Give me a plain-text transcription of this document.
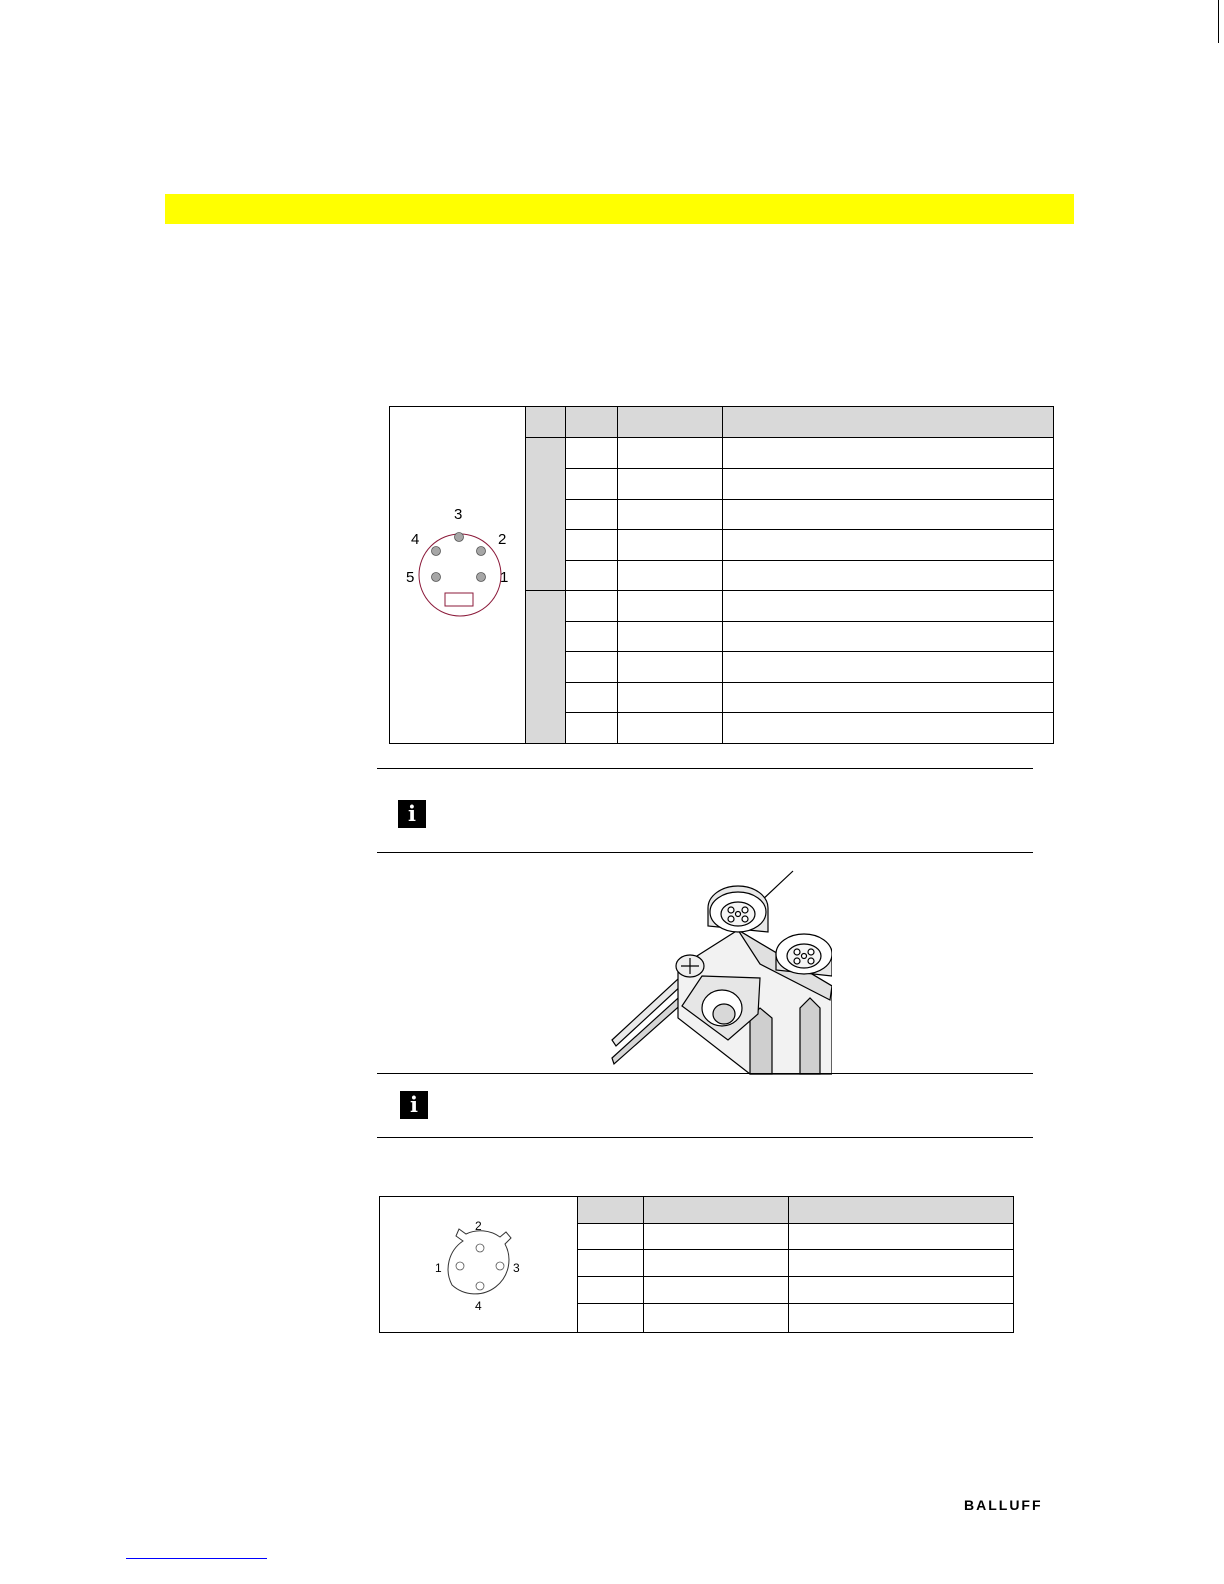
1
2
3
4
5				

i
i
1
2
3
4			

BALLUFF
